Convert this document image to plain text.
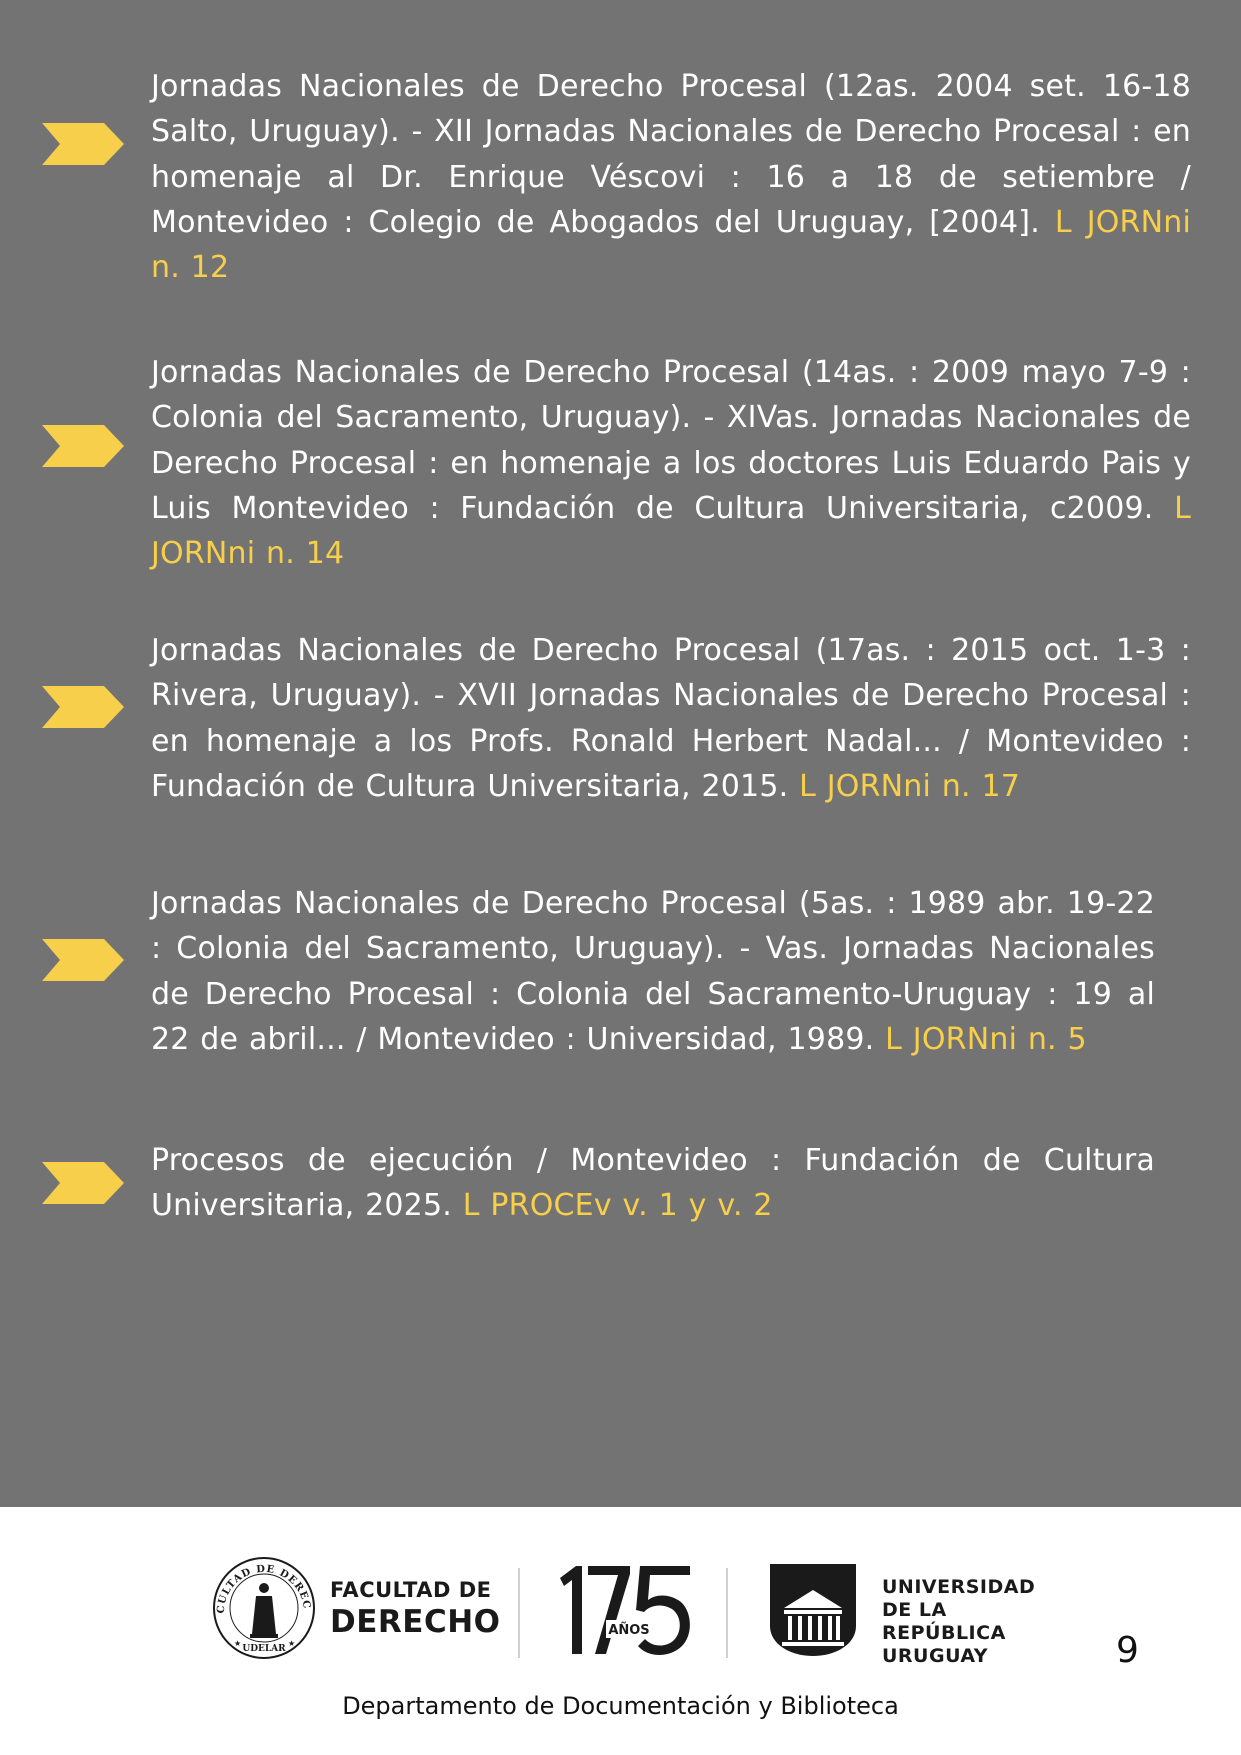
Jornadas Nacionales de Derecho Procesal (12as. 2004 set. 16-18 Salto, Uruguay). - XII Jornadas Nacionales de Derecho Procesal : en homenaje al Dr. Enrique Véscovi : 16 a 18 de setiembre / Montevideo : Colegio de Abogados del Uruguay, [2004]. L JORNni n. 12

Jornadas Nacionales de Derecho Procesal (14as. : 2009 mayo 7-9 : Colonia del Sacramento, Uruguay). - XIVas. Jornadas Nacionales de Derecho Procesal : en homenaje a los doctores Luis Eduardo Pais y Luis Montevideo : Fundación de Cultura Universitaria, c2009. L JORNni n. 14

Jornadas Nacionales de Derecho Procesal (17as. : 2015 oct. 1-3 : Rivera, Uruguay). - XVII Jornadas Nacionales de Derecho Procesal : en homenaje a los Profs. Ronald Herbert Nadal... / Montevideo : Fundación de Cultura Universitaria, 2015. L JORNni n. 17

Jornadas Nacionales de Derecho Procesal (5as. : 1989 abr. 19-22 : Colonia del Sacramento, Uruguay). - Vas. Jornadas Nacionales de Derecho Procesal : Colonia del Sacramento-Uruguay : 19 al 22 de abril... / Montevideo : Universidad, 1989. L JORNni n. 5

Procesos de ejecución / Montevideo : Fundación de Cultura Universitaria, 2025. L PROCEv v. 1 y v. 2

CULTAD DE DEREC
UDELAR
★	★
FACULTAD DE
DERECHO	AÑOS
UNIVERSIDAD
DE LA REPÚBLICA
URUGUAY	9
Departamento de Documentación y Biblioteca
